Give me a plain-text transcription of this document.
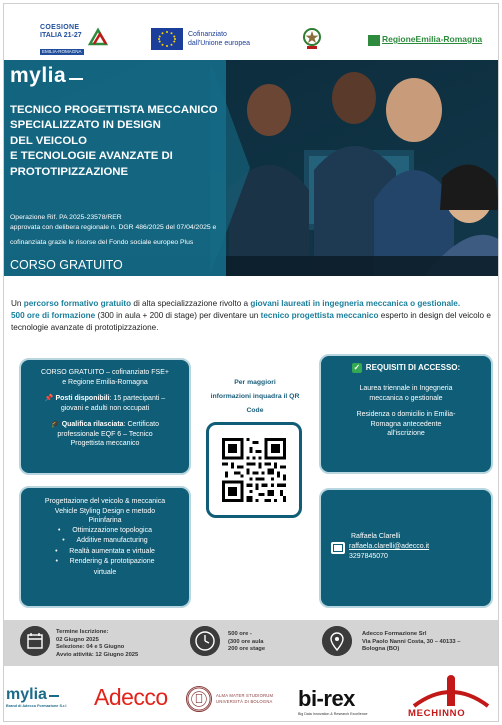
COESIONE
ITALIA 21-27
EMILIA-ROMAGNA
Cofinanziato
dall'Unione europea	RegioneEmilia-Romagna
mylia
TECNICO PROGETTISTA MECCANICO
SPECIALIZZATO IN DESIGN
DEL VEICOLO
E TECNOLOGIE AVANZATE DI
PROTOTIPIZZAZIONE
Operazione Rif. PA 2025-23578/RER
approvata con delibera regionale n. DGR 486/2025 del 07/04/2025 e
cofinanziata grazie le risorse del Fondo sociale europeo Plus
CORSO GRATUITO
Un percorso formativo gratuito di alta specializzazione rivolto a giovani laureati in ingegneria meccanica o gestionale.
500 ore di formazione (300 in aula + 200 di stage) per diventare un tecnico progettista meccanico esperto in design del veicolo e tecnologie avanzate di prototipizzazione.
CORSO GRATUITO – cofinanziato FSE+
e Regione Emilia-Romagna
📌 Posti disponibili: 15 partecipanti –
giovani e adulti non occupati
🎓 Qualifica rilasciata: Certificato
professionale EQF 6 – Tecnico
Progettista meccanico
Per maggiori
informazioni inquadra il QR
Code
✓ REQUISITI DI ACCESSO:
Laurea triennale in Ingegneria
meccanica o gestionale
Residenza o domicilio in Emilia-
Romagna antecedente
all'iscrizione
Progettazione del veicolo & meccanica
Vehicle Styling Design e metodo
Pininfarina
• Ottimizzazione topologica
• Additive manufacturing
• Realtà aumentata e virtuale
• Rendering & prototipazione
virtuale
Raffaela Clarelli
raffaela.clarelli@adecco.it
3297845070
Termine Iscrizione:
02 Giugno 2025
Selezione: 04 e 5 Giugno
Avvio attività: 12 Giugno 2025
500 ore -
(300 ore aula
200 ore stage
Adecco Formazione Srl
Via Paolo Nanni Costa, 30 – 40133 –
Bologna (BO)
mylia
Brand di Adecco Formazione S.r.l Adecco	ALMA MATER STUDIORUM
UNIVERSITÀ DI BOLOGNA bi-rex
Big Data Innovation & Research Excellence	MECHINNO
